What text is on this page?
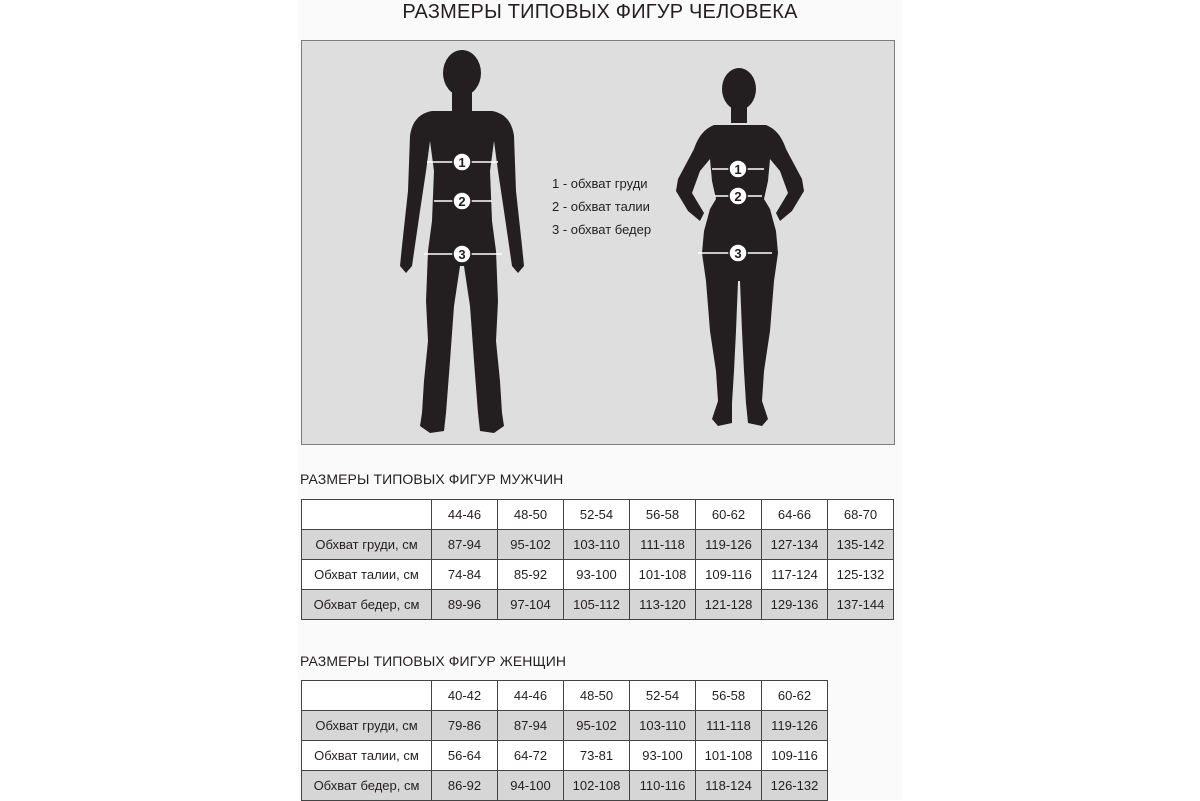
РАЗМЕРЫ ТИПОВЫХ ФИГУР ЧЕЛОВЕКА
1
2
3
1
2
3
1 - обхват груди
2 - обхват талии
3 - обхват бедер
РАЗМЕРЫ ТИПОВЫХ ФИГУР МУЖЧИН
	44-46	48-50	52-54	56-58	60-62	64-66	68-70
Обхват груди, см	87-94	95-102	103-110	111-118	119-126	127-134	135-142
Обхват талии, см	74-84	85-92	93-100	101-108	109-116	117-124	125-132
Обхват бедер, см	89-96	97-104	105-112	113-120	121-128	129-136	137-144
РАЗМЕРЫ ТИПОВЫХ ФИГУР ЖЕНЩИН
	40-42	44-46	48-50	52-54	56-58	60-62
Обхват груди, см	79-86	87-94	95-102	103-110	111-118	119-126
Обхват талии, см	56-64	64-72	73-81	93-100	101-108	109-116
Обхват бедер, см	86-92	94-100	102-108	110-116	118-124	126-132
